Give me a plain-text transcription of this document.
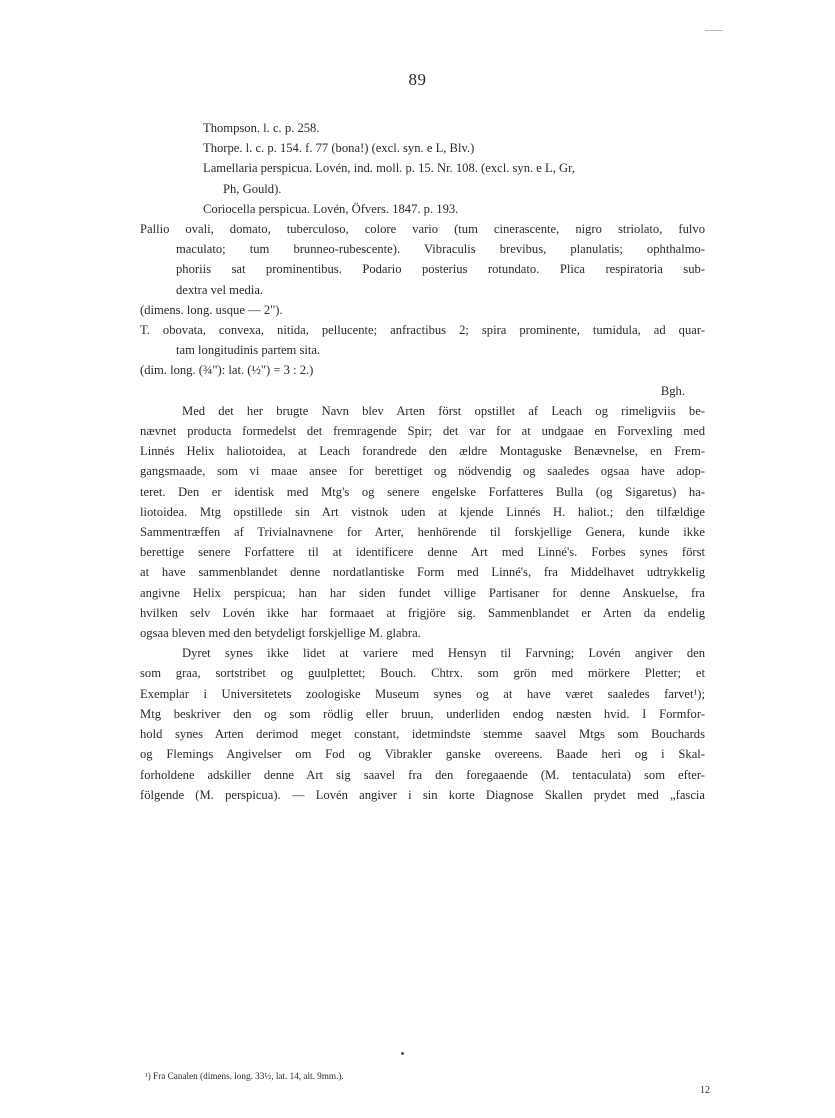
89
Thompson. l. c. p. 258.
Thorpe. l. c. p. 154. f. 77 (bona!) (excl. syn. e L, Blv.)
Lamellaria perspicua. Lovén, ind. moll. p. 15. Nr. 108. (excl. syn. e L, Gr,
Ph, Gould).
Coriocella perspicua. Lovén, Öfvers. 1847. p. 193.
Pallio ovali, domato, tuberculoso, colore vario (tum cinerascente, nigro striolato, fulvo
maculato; tum brunneo-rubescente). Vibraculis brevibus, planulatis; ophthalmo-
phoriis sat prominentibus. Podario posterius rotundato. Plica respiratoria sub-
dextra vel media.
(dimens. long. usque — 2").
T. obovata, convexa, nitida, pellucente; anfractibus 2; spira prominente, tumidula, ad quar-
tam longitudinis partem sita.
(dim. long. (¾"): lat. (½") = 3 : 2.)
Bgh.
Med det her brugte Navn blev Arten först opstillet af Leach og rimeligviis be-
nævnet producta formedelst det fremragende Spir; det var for at undgaae en Forvexling med
Linnés Helix haliotoidea, at Leach forandrede den ældre Montaguske Benævnelse, en Frem-
gangsmaade, som vi maae ansee for berettiget og nödvendig og saaledes ogsaa have adop-
teret. Den er identisk med Mtg's og senere engelske Forfatteres Bulla (og Sigaretus) ha-
liotoidea. Mtg opstillede sin Art vistnok uden at kjende Linnés H. haliot.; den tilfældige
Sammentræffen af Trivialnavnene for Arter, henhörende til forskjellige Genera, kunde ikke
berettige senere Forfattere til at identificere denne Art med Linné's. Forbes synes först
at have sammenblandet denne nordatlantiske Form med Linné's, fra Middelhavet udtrykkelig
angivne Helix perspicua; han har siden fundet villige Partisaner for denne Anskuelse, fra
hvilken selv Lovén ikke har formaaet at frigjöre sig. Sammenblandet er Arten da endelig
ogsaa bleven med den betydeligt forskjellige M. glabra.
Dyret synes ikke lidet at variere med Hensyn til Farvning; Lovén angiver den
som graa, sortstribet og guulplettet; Bouch. Chtrx. som grön med mörkere Pletter; et
Exemplar i Universitetets zoologiske Museum synes og at have været saaledes farvet¹);
Mtg beskriver den og som rödlig eller bruun, underliden endog næsten hvid. I Formfor-
hold synes Arten derimod meget constant, idetmindste stemme saavel Mtgs som Bouchards
og Flemings Angivelser om Fod og Vibrakler ganske overeens. Baade heri og i Skal-
forholdene adskiller denne Art sig saavel fra den foregaaende (M. tentaculata) som efter-
fölgende (M. perspicua). — Lovén angiver i sin korte Diagnose Skallen prydet med „fascia
¹) Fra Canalen (dimens. long. 33½, lat. 14, alt. 9mm.).
12
